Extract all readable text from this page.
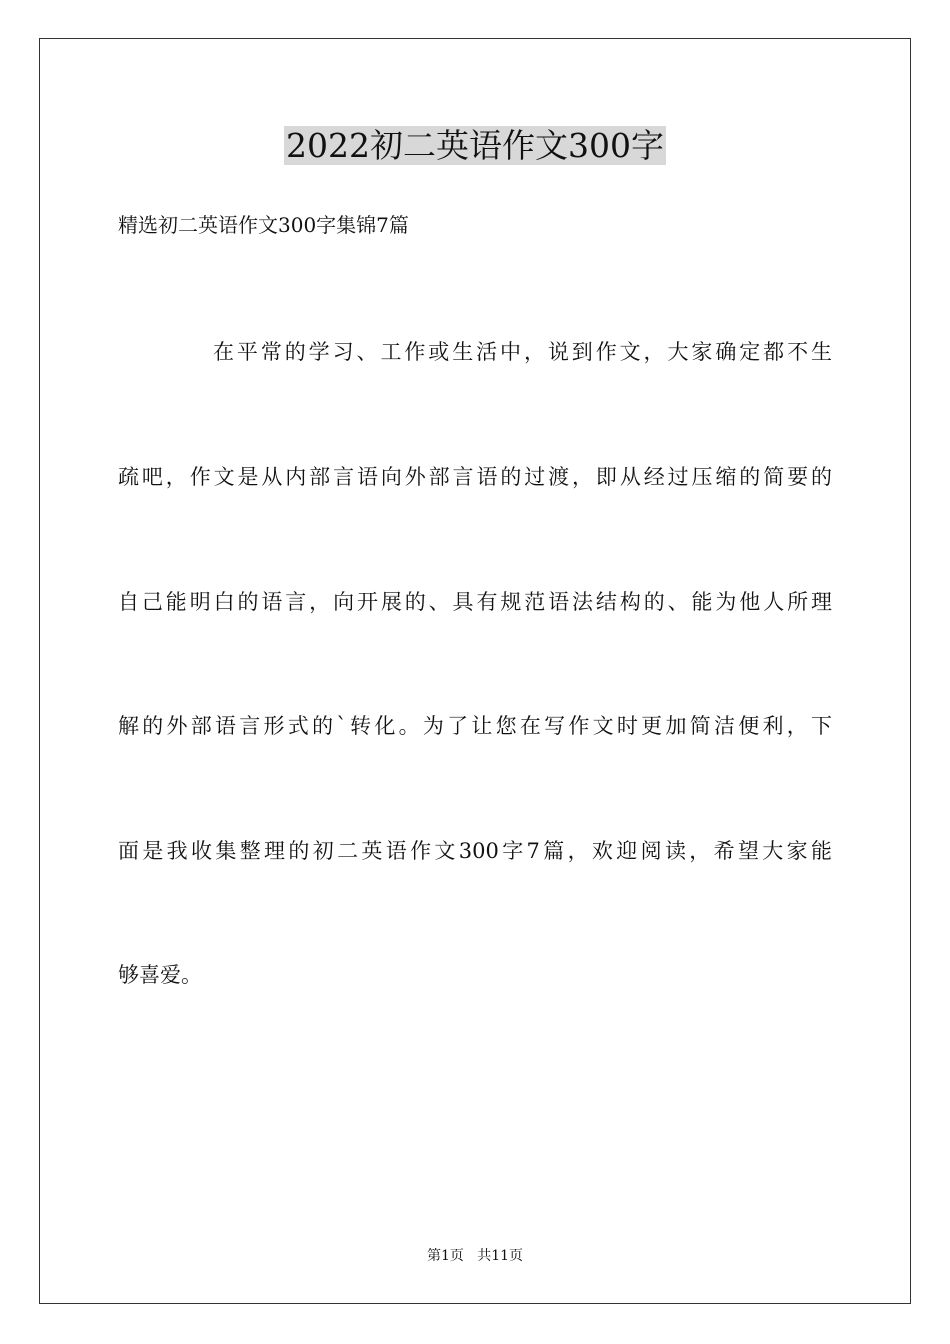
2022初二英语作文300字
精选初二英语作文300字集锦7篇
在平常的学习、工作或生活中，说到作文，大家确定都不生
疏吧，作文是从内部言语向外部言语的过渡，即从经过压缩的简要的
自己能明白的语言，向开展的、具有规范语法结构的、能为他人所理
解的外部语言形式的`转化。为了让您在写作文时更加简洁便利，下
面是我收集整理的初二英语作文300字7篇，欢迎阅读，希望大家能
够喜爱。
第1页   共11页
